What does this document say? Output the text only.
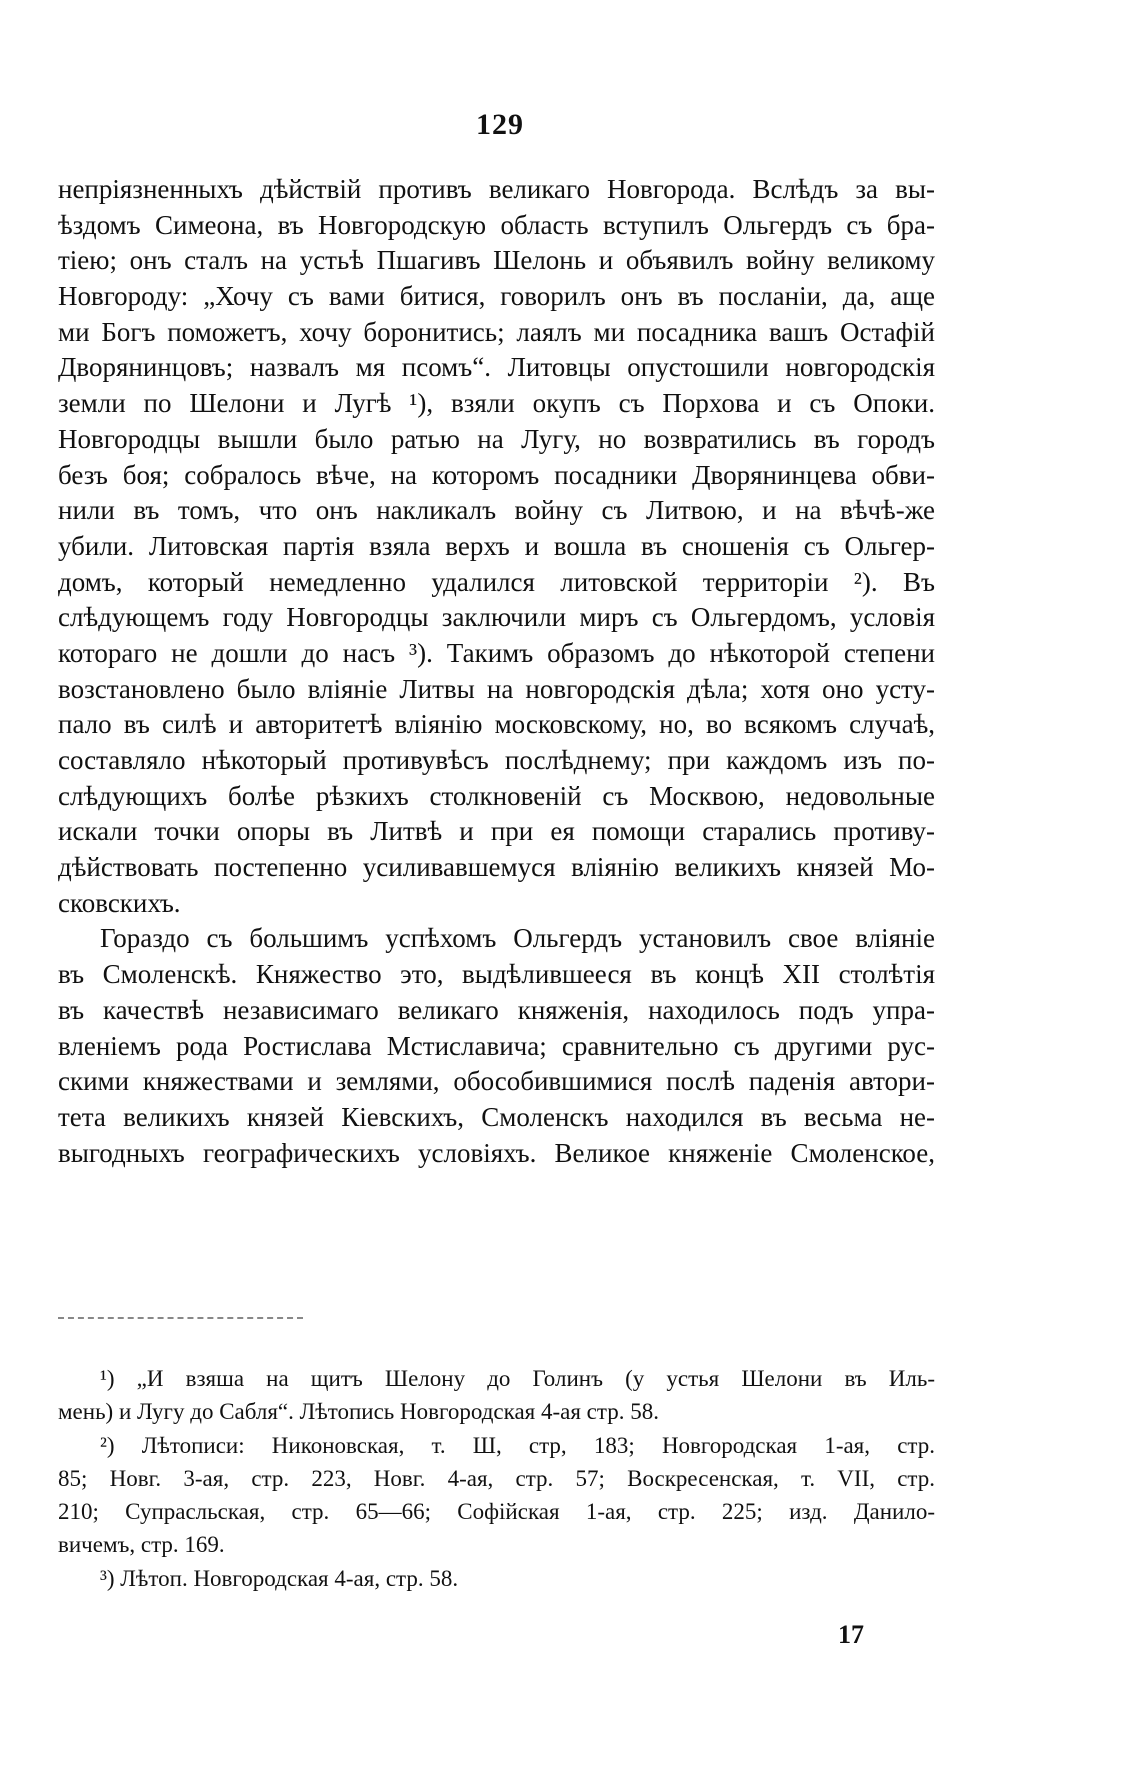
129
непріязненныхъ дѣйствій противъ великаго Новгорода. Вслѣдъ за вы-
ѣздомъ Симеона, въ Новгородскую область вступилъ Ольгердъ съ бра-
тіею; онъ сталъ на устьѣ Пшагивъ Шелонь и объявилъ войну великому
Новгороду: „Хочу съ вами битися, говорилъ онъ въ посланіи, да, аще
ми Богъ поможетъ, хочу боронитись; лаялъ ми посадника вашъ Остафій
Дворянинцовъ; назвалъ мя псомъ“. Литовцы опустошили новгородскія
земли по Шелони и Лугѣ ¹), взяли окупъ съ Порхова и съ Опоки.
Новгородцы вышли было ратью на Лугу, но возвратились въ городъ
безъ боя; собралось вѣче, на которомъ посадники Дворянинцева обви-
нили въ томъ, что онъ накликалъ войну съ Литвою, и на вѣчѣ-же
убили. Литовская партія взяла верхъ и вошла въ сношенія съ Ольгер-
домъ, который немедленно удалился литовской территоріи ²). Въ
слѣдующемъ году Новгородцы заключили миръ съ Ольгердомъ, условія
котораго не дошли до насъ ³). Такимъ образомъ до нѣкоторой степени
возстановлено было вліяніе Литвы на новгородскія дѣла; хотя оно усту-
пало въ силѣ и авторитетѣ вліянію московскому, но, во всякомъ случаѣ,
составляло нѣкоторый противувѣсъ послѣднему; при каждомъ изъ по-
слѣдующихъ болѣе рѣзкихъ столкновеній съ Москвою, недовольные
искали точки опоры въ Литвѣ и при ея помощи старались противу-
дѣйствовать постепенно усиливавшемуся вліянію великихъ князей Мо-
сковскихъ.
Гораздо съ большимъ успѣхомъ Ольгердъ установилъ свое вліяніе
въ Смоленскѣ. Княжество это, выдѣлившееся въ концѣ XII столѣтія
въ качествѣ независимаго великаго княженія, находилось подъ упра-
вленіемъ рода Ростислава Мстиславича; сравнительно съ другими рус-
скими княжествами и землями, обособившимися послѣ паденія автори-
тета великихъ князей Кіевскихъ, Смоленскъ находился въ весьма не-
выгодныхъ географическихъ условіяхъ. Великое княженіе Смоленское,
¹) „И взяша на щитъ Шелону до Голинъ (у устья Шелони въ Иль-
мень) и Лугу до Сабля“. Лѣтопись Новгородская 4-ая стр. 58.
²) Лѣтописи: Никоновская, т. Ш, стр, 183; Новгородская 1-ая, стр.
85; Новг. 3-ая, стр. 223, Новг. 4-ая, стр. 57; Воскресенская, т. VII, стр.
210; Супрасльская, стр. 65—66; Софійская 1-ая, стр. 225; изд. Данило-
вичемъ, стр. 169.
³) Лѣтоп. Новгородская 4-ая, стр. 58.
17
